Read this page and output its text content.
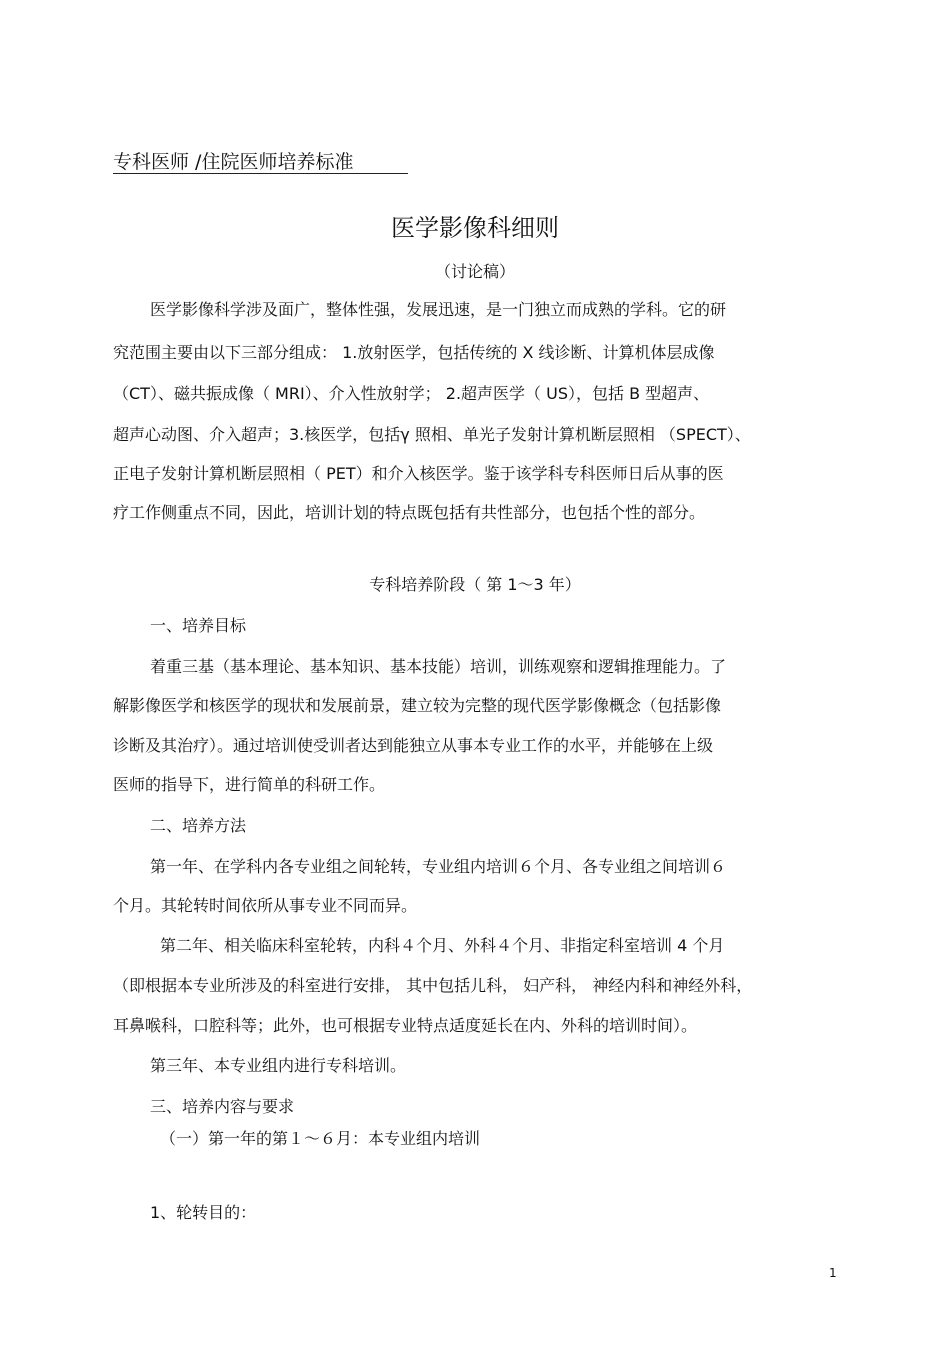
专科医师 /住院医师培养标准
医学影像科细则
（讨论稿）
医学影像科学涉及面广，整体性强，发展迅速，是一门独立而成熟的学科。它的研
究范围主要由以下三部分组成： 1.放射医学，包括传统的 X 线诊断、计算机体层成像
（CT）、磁共振成像（ MRI）、介入性放射学； 2.超声医学（ US），包括 B 型超声、
超声心动图、介入超声；3.核医学，包括γ 照相、单光子发射计算机断层照相 （SPECT）、
正电子发射计算机断层照相（ PET）和介入核医学。鉴于该学科专科医师日后从事的医
疗工作侧重点不同，因此，培训计划的特点既包括有共性部分，也包括个性的部分。
专科培养阶段（ 第 1～3 年）
一、培养目标
着重三基（基本理论、基本知识、基本技能）培训，训练观察和逻辑推理能力。了
解影像医学和核医学的现状和发展前景，建立较为完整的现代医学影像概念（包括影像
诊断及其治疗）。通过培训使受训者达到能独立从事本专业工作的水平，并能够在上级
医师的指导下，进行简单的科研工作。
二、培养方法
第一年、在学科内各专业组之间轮转，专业组内培训６个月、各专业组之间培训６
个月。其轮转时间依所从事专业不同而异。
第二年、相关临床科室轮转，内科４个月、外科４个月、非指定科室培训 4 个月
（即根据本专业所涉及的科室进行安排， 其中包括儿科， 妇产科， 神经内科和神经外科，
耳鼻喉科，口腔科等；此外，也可根据专业特点适度延长在内、外科的培训时间）。
第三年、本专业组内进行专科培训。
三、培养内容与要求
（一）第一年的第１～６月：本专业组内培训
1、轮转目的：
1
